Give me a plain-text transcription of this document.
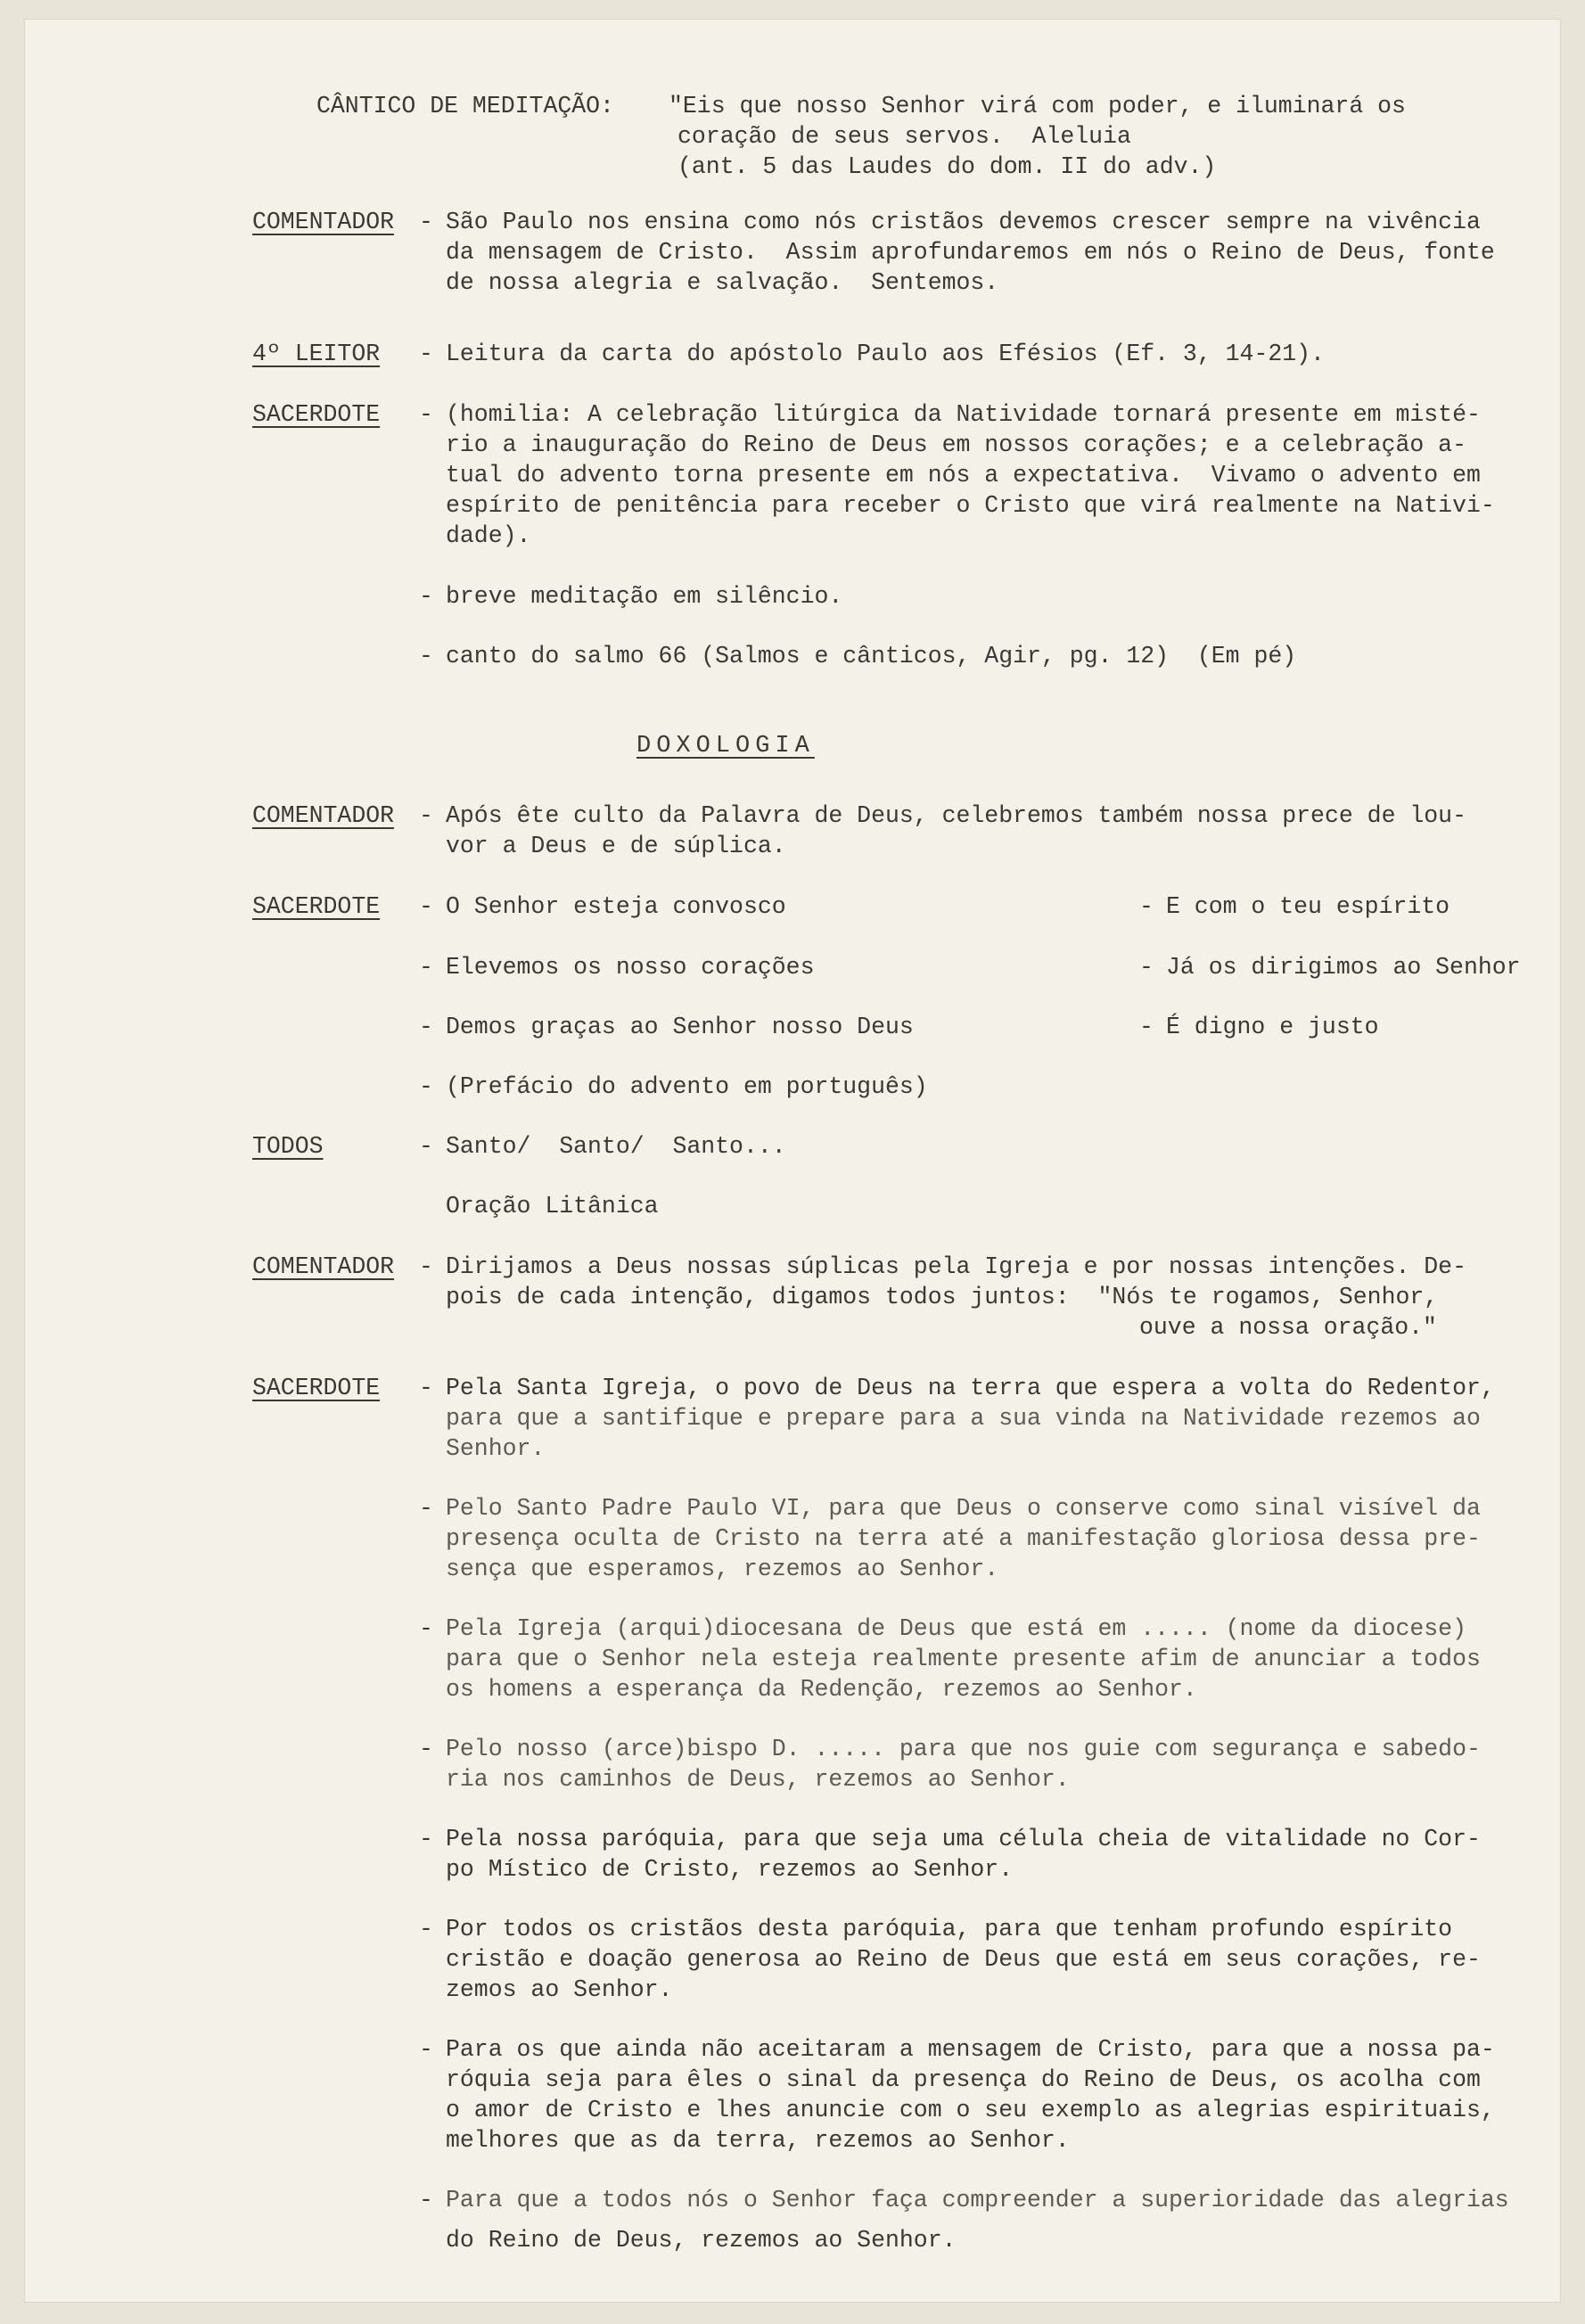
CÂNTICO DE MEDITAÇÃO: "Eis que nosso Senhor virá com poder, e iluminará os
coração de seus servos.  Aleluia
(ant. 5 das Laudes do dom. II do adv.)
COMENTADOR - São Paulo nos ensina como nós cristãos devemos crescer sempre na vivência
da mensagem de Cristo.  Assim aprofundaremos em nós o Reino de Deus, fonte
de nossa alegria e salvação.  Sentemos.
4º LEITOR - Leitura da carta do apóstolo Paulo aos Efésios (Ef. 3, 14-21).
SACERDOTE - (homilia: A celebração litúrgica da Natividade tornará presente em misté-
rio a inauguração do Reino de Deus em nossos corações; e a celebração a-
tual do advento torna presente em nós a expectativa.  Vivamo o advento em
espírito de penitência para receber o Cristo que virá realmente na Nativi-
dade).
- breve meditação em silêncio.
- canto do salmo 66 (Salmos e cânticos, Agir, pg. 12)  (Em pé)
DOXOLOGIA
COMENTADOR - Após ête culto da Palavra de Deus, celebremos também nossa prece de lou-
vor a Deus e de súplica.
SACERDOTE - O Senhor esteja convosco	- E com o teu espírito
- Elevemos os nosso corações	- Já os dirigimos ao Senhor
- Demos graças ao Senhor nosso Deus	- É digno e justo
- (Prefácio do advento em português)
TODOS	- Santo/  Santo/  Santo...
Oração Litânica
COMENTADOR - Dirijamos a Deus nossas súplicas pela Igreja e por nossas intenções. De-
pois de cada intenção, digamos todos juntos:  "Nós te rogamos, Senhor,
ouve a nossa oração."
SACERDOTE - Pela Santa Igreja, o povo de Deus na terra que espera a volta do Redentor,
para que a santifique e prepare para a sua vinda na Natividade rezemos ao
Senhor.
- Pelo Santo Padre Paulo VI, para que Deus o conserve como sinal visível da
presença oculta de Cristo na terra até a manifestação gloriosa dessa pre-
sença que esperamos, rezemos ao Senhor.
- Pela Igreja (arqui)diocesana de Deus que está em ..... (nome da diocese)
para que o Senhor nela esteja realmente presente afim de anunciar a todos
os homens a esperança da Redenção, rezemos ao Senhor.
- Pelo nosso (arce)bispo D. ..... para que nos guie com segurança e sabedo-
ria nos caminhos de Deus, rezemos ao Senhor.
- Pela nossa paróquia, para que seja uma célula cheia de vitalidade no Cor-
po Místico de Cristo, rezemos ao Senhor.
- Por todos os cristãos desta paróquia, para que tenham profundo espírito
cristão e doação generosa ao Reino de Deus que está em seus corações, re-
zemos ao Senhor.
- Para os que ainda não aceitaram a mensagem de Cristo, para que a nossa pa-
róquia seja para êles o sinal da presença do Reino de Deus, os acolha com
o amor de Cristo e lhes anuncie com o seu exemplo as alegrias espirituais,
melhores que as da terra, rezemos ao Senhor.
- Para que a todos nós o Senhor faça compreender a superioridade das alegrias
do Reino de Deus, rezemos ao Senhor.
